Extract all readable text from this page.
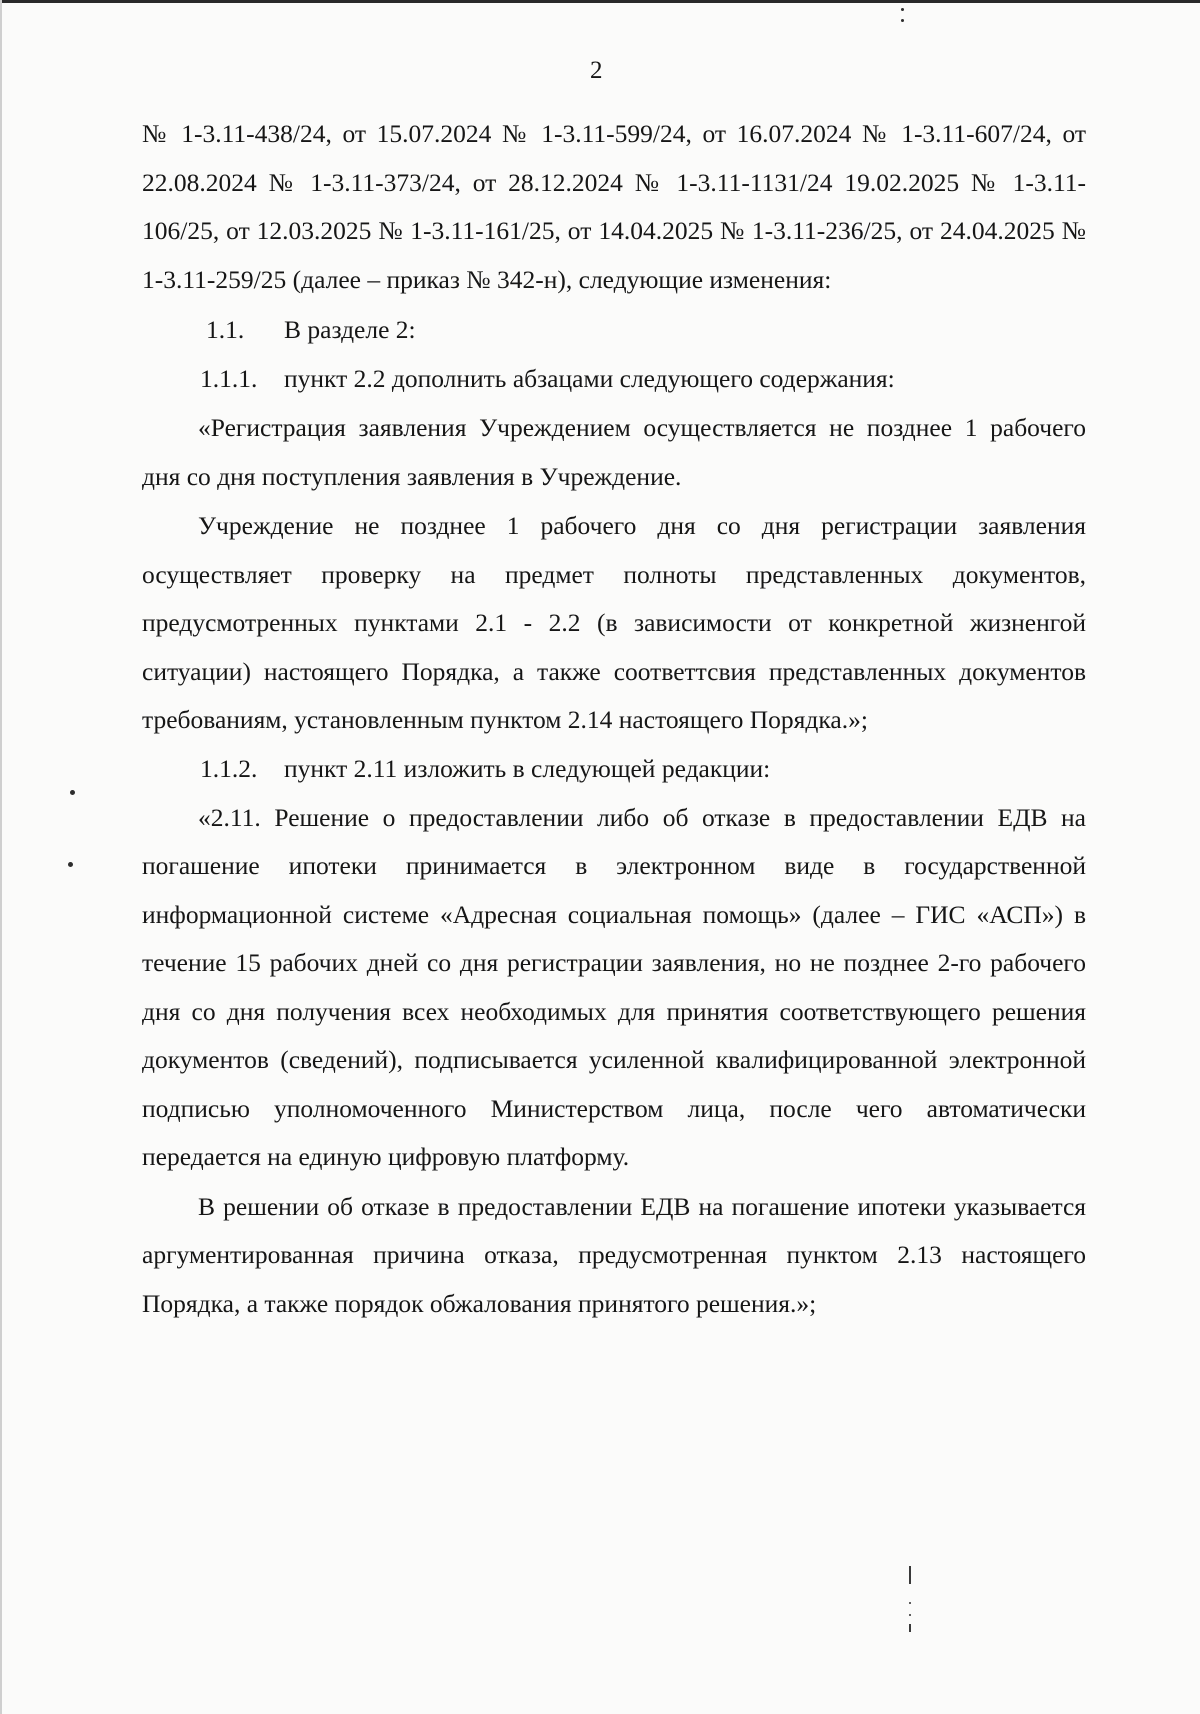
2

№ 1-3.11-438/24, от 15.07.2024 № 1-3.11-599/24, от 16.07.2024 № 1-3.11-607/24, от 22.08.2024 № 1-3.11-373/24, от 28.12.2024 № 1-3.11-1131/24 19.02.2025 № 1-3.11-106/25, от 12.03.2025 № 1-3.11-161/25, от 14.04.2025 № 1-3.11-236/25, от 24.04.2025 № 1-3.11-259/25 (далее – приказ № 342-н), следующие изменения:

1.1. В разделе 2:
1.1.1. пункт 2.2 дополнить абзацами следующего содержания:

«Регистрация заявления Учреждением осуществляется не позднее 1 рабочего дня со дня поступления заявления в Учреждение.

Учреждение не позднее 1 рабочего дня со дня регистрации заявления осуществляет проверку на предмет полноты представленных документов, предусмотренных пунктами 2.1 - 2.2 (в зависимости от конкретной жизненгой ситуации) настоящего Порядка, а также соответтсвия представленных документов требованиям, установленным пунктом 2.14 настоящего Порядка.»;

1.1.2. пункт 2.11 изложить в следующей редакции:

«2.11. Решение о предоставлении либо об отказе в предоставлении ЕДВ на погашение ипотеки принимается в электронном виде в государственной информационной системе «Адресная социальная помощь» (далее – ГИС «АСП») в течение 15 рабочих дней со дня регистрации заявления, но не позднее 2-го рабочего дня со дня получения всех необходимых для принятия соответствующего решения документов (сведений), подписывается усиленной квалифицированной электронной подписью уполномоченного Министерством лица, после чего автоматически передается на единую цифровую платформу.

В решении об отказе в предоставлении ЕДВ на погашение ипотеки указывается аргументированная причина отказа, предусмотренная пунктом 2.13 настоящего Порядка, а также порядок обжалования принятого решения.»;
